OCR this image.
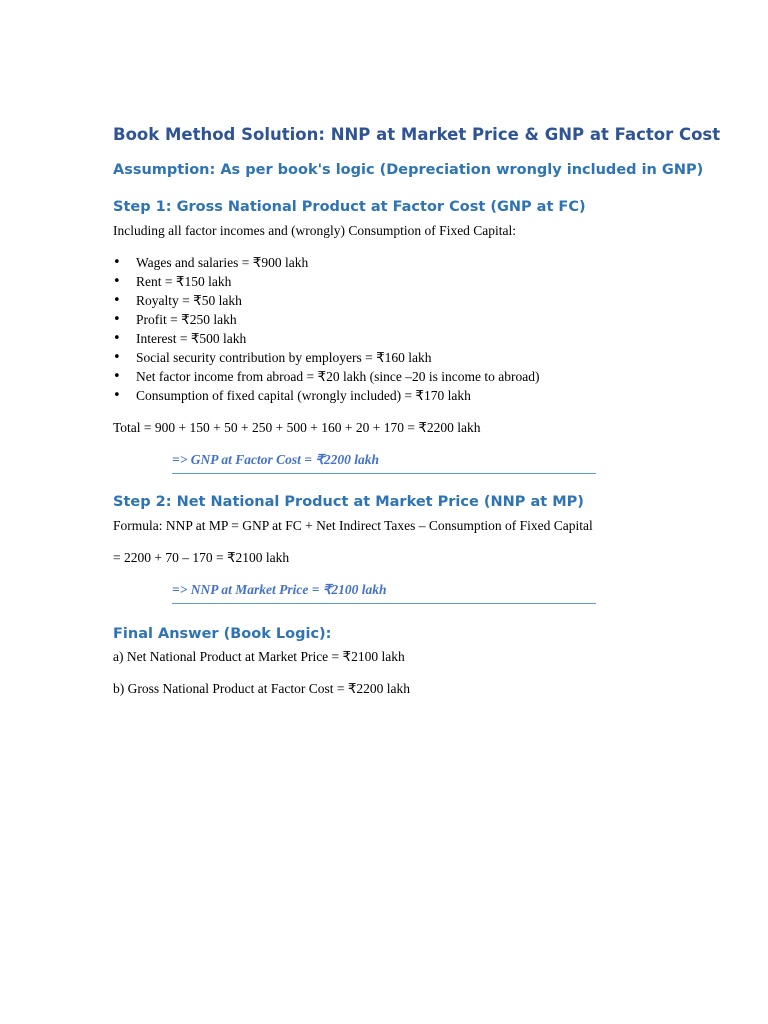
Book Method Solution: NNP at Market Price & GNP at Factor Cost
Assumption: As per book's logic (Depreciation wrongly included in GNP)
Step 1: Gross National Product at Factor Cost (GNP at FC)

Including all factor incomes and (wrongly) Consumption of Fixed Capital:

• Wages and salaries = ₹900 lakh
• Rent = ₹150 lakh
• Royalty = ₹50 lakh
• Profit = ₹250 lakh
• Interest = ₹500 lakh
• Social security contribution by employers = ₹160 lakh
• Net factor income from abroad = ₹20 lakh (since –20 is income to abroad)
• Consumption of fixed capital (wrongly included) = ₹170 lakh

Total = 900 + 150 + 50 + 250 + 500 + 160 + 20 + 170 = ₹2200 lakh

=> GNP at Factor Cost = ₹2200 lakh
Step 2: Net National Product at Market Price (NNP at MP)

Formula: NNP at MP = GNP at FC + Net Indirect Taxes – Consumption of Fixed Capital

= 2200 + 70 – 170 = ₹2100 lakh

=> NNP at Market Price = ₹2100 lakh
Final Answer (Book Logic):

a) Net National Product at Market Price = ₹2100 lakh

b) Gross National Product at Factor Cost = ₹2200 lakh
